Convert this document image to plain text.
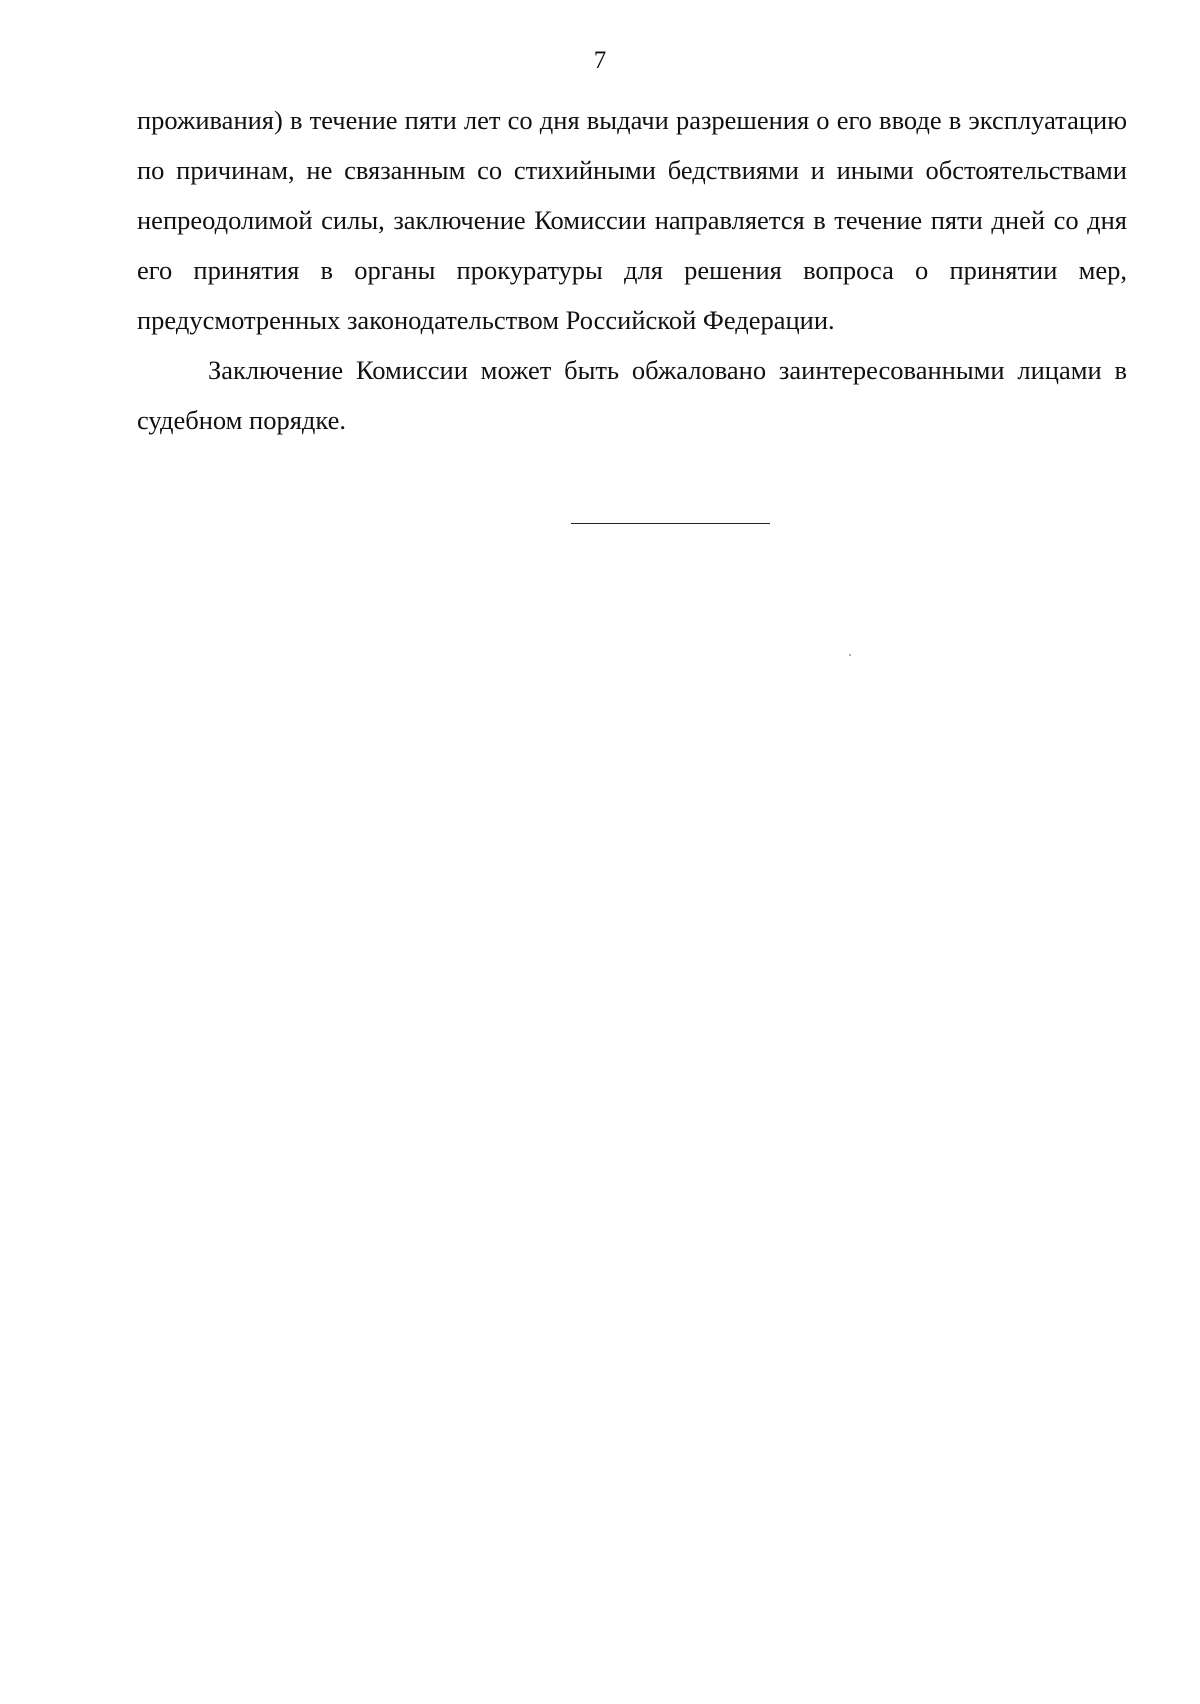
7

проживания) в течение пяти лет со дня выдачи разрешения о его вводе в эксплуатацию по причинам, не связанным со стихийными бедствиями и иными обстоятельствами непреодолимой силы, заключение Комиссии направляется в течение пяти дней со дня его принятия в органы прокуратуры для решения вопроса о принятии мер, предусмотренных законодательством Российской Федерации.

Заключение Комиссии может быть обжаловано заинтересованными лицами в судебном порядке.
